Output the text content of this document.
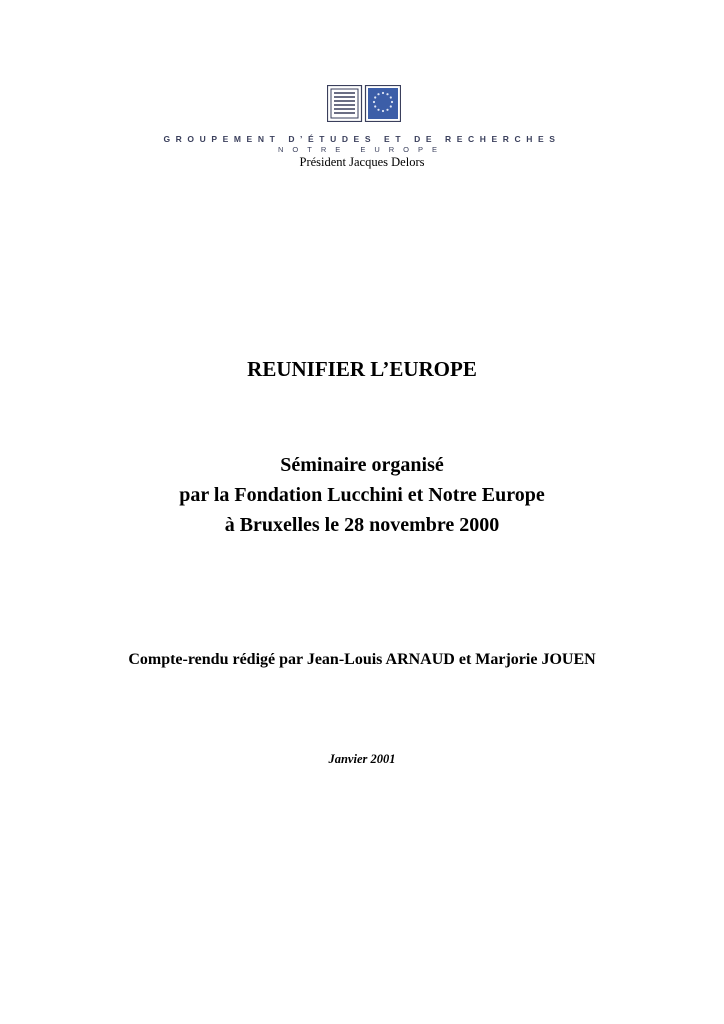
GROUPEMENT D’ÉTUDES ET DE RECHERCHES
NOTRE EUROPE
Président Jacques Delors
REUNIFIER L’EUROPE
Séminaire organisé
par la Fondation Lucchini et Notre Europe
à Bruxelles le 28 novembre 2000
Compte-rendu rédigé par Jean-Louis ARNAUD et Marjorie JOUEN
Janvier 2001
